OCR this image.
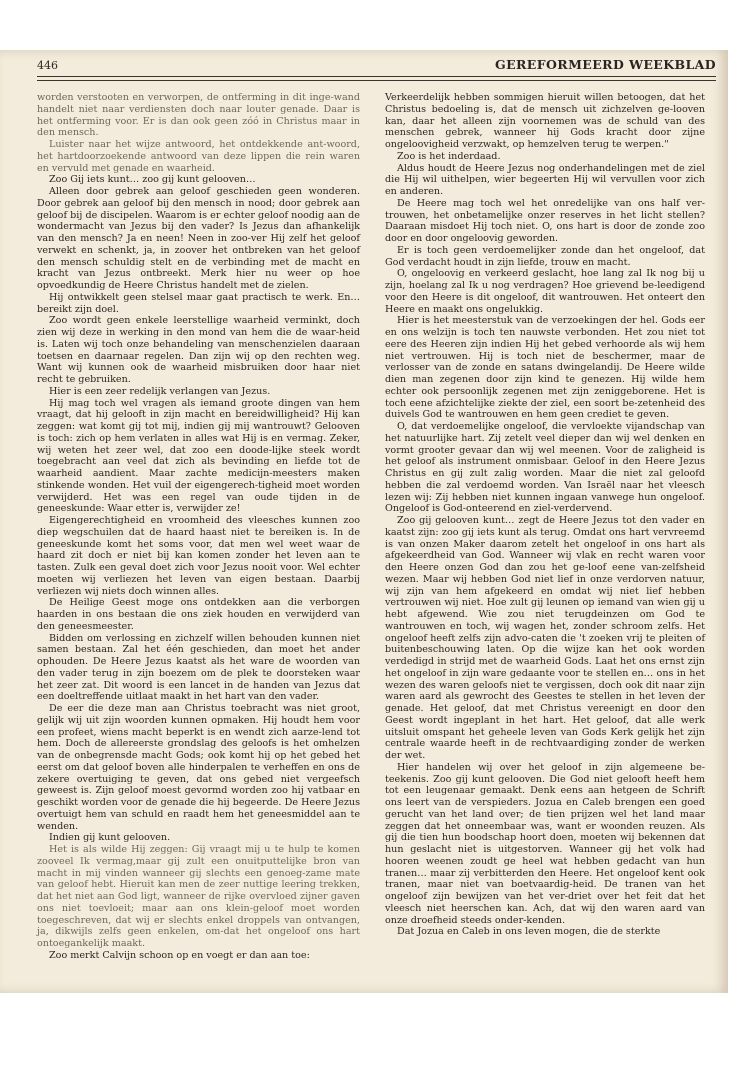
446	GEREFORMEERD WEEKBLAD

worden verstooten en verworpen, de ontferming in dit inge-wand handelt niet naar verdiensten doch naar louter genade. Daar is het ontferming voor. Er is dan ook geen zóó in Christus maar in den mensch.

Luister naar het wijze antwoord, het ontdekkende ant-woord, het hartdoorzoekende antwoord van deze lippen die rein waren en vervuld met genade en waarheid.

Zoo Gij iets kunt… zoo gij kunt gelooven…

Alleen door gebrek aan geloof geschieden geen wonderen. Door gebrek aan geloof bij den mensch in nood; door gebrek aan geloof bij de discipelen. Waarom is er echter geloof noodig aan de wondermacht van Jezus bij den vader? Is Jezus dan afhankelijk van den mensch? Ja en neen! Neen in zoo-ver Hij zelf het geloof verwekt en schenkt, ja, in zoover het ontbreken van het geloof den mensch schuldig stelt en de verbinding met de macht en kracht van Jezus ontbreekt. Merk hier nu weer op hoe opvoedkundig de Heere Christus handelt met de zielen.

Hij ontwikkelt geen stelsel maar gaat practisch te werk. En… bereikt zijn doel.

Zoo wordt geen enkele leerstellige waarheid verminkt, doch zien wij deze in werking in den mond van hem die de waar-heid is. Laten wij toch onze behandeling van menschenzielen daaraan toetsen en daarnaar regelen. Dan zijn wij op den rechten weg. Want wij kunnen ook de waarheid misbruiken door haar niet recht te gebruiken.

Hier is een zeer redelijk verlangen van Jezus.

Hij mag toch wel vragen als iemand groote dingen van hem vraagt, dat hij gelooft in zijn macht en bereidwilligheid? Hij kan zeggen: wat komt gij tot mij, indien gij mij wantrouwt? Gelooven is toch: zich op hem verlaten in alles wat Hij is en vermag. Zeker, wij weten het zeer wel, dat zoo een doode-lijke steek wordt toegebracht aan veel dat zich als bevinding en liefde tot de waarheid aandient. Maar zachte medicijn-meesters maken stinkende wonden. Het vuil der eigengerech-tigheid moet worden verwijderd. Het was een regel van oude tijden in de geneeskunde: Waar etter is, verwijder ze!

Eigengerechtigheid en vroomheid des vleesches kunnen zoo diep wegschuilen dat de haard haast niet te bereiken is. In de geneeskunde komt het soms voor, dat men wel weet waar de haard zit doch er niet bij kan komen zonder het leven aan te tasten. Zulk een geval doet zich voor Jezus nooit voor. Wel echter moeten wij verliezen het leven van eigen bestaan. Daarbij verliezen wij niets doch winnen alles.

De Heilige Geest moge ons ontdekken aan die verborgen haarden in ons bestaan die ons ziek houden en verwijderd van den geneesmeester.

Bidden om verlossing en zichzelf willen behouden kunnen niet samen bestaan. Zal het één geschieden, dan moet het ander ophouden. De Heere Jezus kaatst als het ware de woorden van den vader terug in zijn boezem om de plek te doorsteken waar het zeer zat. Dit woord is een lancet in de handen van Jezus dat een doeltreffende uitlaat maakt in het hart van den vader.

De eer die deze man aan Christus toebracht was niet groot, gelijk wij uit zijn woorden kunnen opmaken. Hij houdt hem voor een profeet, wiens macht beperkt is en wendt zich aarze-lend tot hem. Doch de allereerste grondslag des geloofs is het omhelzen van de onbegrensde macht Gods; ook komt hij op het gebed het eerst om dat geloof boven alle hinderpalen te verheffen en ons de zekere overtuiging te geven, dat ons gebed niet vergeefsch geweest is. Zijn geloof moest gevormd worden zoo hij vatbaar en geschikt worden voor de genade die hij begeerde. De Heere Jezus overtuigt hem van schuld en raadt hem het geneesmiddel aan te wenden.

Indien gij kunt gelooven.

Het is als wilde Hij zeggen: Gij vraagt mij u te hulp te komen zooveel Ik vermag,maar gij zult een onuitputtelijke bron van macht in mij vinden wanneer gij slechts een genoeg-zame mate van geloof hebt. Hieruit kan men de zeer nuttige leering trekken, dat het niet aan God ligt, wanneer de rijke overvloed zijner gaven ons niet toevloeit; maar aan ons klein-geloof moet worden toegeschreven, dat wij er slechts enkel droppels van ontvangen, ja, dikwijls zelfs geen enkelen, om-dat het ongeloof ons hart ontoegankelijk maakt.

Zoo merkt Calvijn schoon op en voegt er dan aan toe:

Verkeerdelijk hebben sommigen hieruit willen betoogen, dat het Christus bedoeling is, dat de mensch uit zichzelven ge-looven kan, daar het alleen zijn voornemen was de schuld van des menschen gebrek, wanneer hij Gods kracht door zijne ongeloovigheid verzwakt, op hemzelven terug te werpen."

Zoo is het inderdaad.

Aldus houdt de Heere Jezus nog onderhandelingen met de ziel die Hij wil uithelpen, wier begeerten Hij wil vervullen voor zich en anderen.

De Heere mag toch wel het onredelijke van ons half ver-trouwen, het onbetamelijke onzer reserves in het licht stellen? Daaraan misdoet Hij toch niet. O, ons hart is door de zonde zoo door en door ongeloovig geworden.

Er is toch geen verdoemelijker zonde dan het ongeloof, dat God verdacht houdt in zijn liefde, trouw en macht.

O, ongeloovig en verkeerd geslacht, hoe lang zal Ik nog bij u zijn, hoelang zal Ik u nog verdragen? Hoe grievend be-leedigend voor den Heere is dit ongeloof, dit wantrouwen. Het onteert den Heere en maakt ons ongelukkig.

Hier is het meesterstuk van de verzoekingen der hel. Gods eer en ons welzijn is toch ten nauwste verbonden. Het zou niet tot eere des Heeren zijn indien Hij het gebed verhoorde als wij hem niet vertrouwen. Hij is toch niet de beschermer, maar de verlosser van de zonde en satans dwingelandij. De Heere wilde dien man zegenen door zijn kind te genezen. Hij wilde hem echter ook persoonlijk zegenen met zijn zeniggeborene. Het is toch eene afzichtelijke ziekte der ziel, een soort be-zetenheid des duivels God te wantrouwen en hem geen crediet te geven.

O, dat verdoemelijke ongeloof, die vervloekte vijandschap van het natuurlijke hart. Zij zetelt veel dieper dan wij wel denken en vormt grooter gevaar dan wij wel meenen. Voor de zaligheid is het geloof als instrument onmisbaar. Geloof in den Heere Jezus Christus en gij zult zalig worden. Maar die niet zal geloofd hebben die zal verdoemd worden. Van Israël naar het vleesch lezen wij: Zij hebben niet kunnen ingaan vanwege hun ongeloof. Ongeloof is God-onteerend en ziel-verdervend.

Zoo gij gelooven kunt… zegt de Heere Jezus tot den vader en kaatst zijn: zoo gij iets kunt als terug. Omdat ons hart vervreemd is van onzen Maker daarom zetelt het ongeloof in ons hart als afgekeerdheid van God. Wanneer wij vlak en recht waren voor den Heere onzen God dan zou het ge-loof eene van-zelfsheid wezen. Maar wij hebben God niet lief in onze verdorven natuur, wij zijn van hem afgekeerd en omdat wij niet lief hebben vertrouwen wij niet. Hoe zult gij leunen op iemand van wien gij u hebt afgewend. Wie zou niet terugdeinzen om God te wantrouwen en toch, wij wagen het, zonder schroom zelfs. Het ongeloof heeft zelfs zijn advo-caten die 't zoeken vrij te pleiten of buitenbeschouwing laten. Op die wijze kan het ook worden verdedigd in strijd met de waarheid Gods. Laat het ons ernst zijn het ongeloof in zijn ware gedaante voor te stellen en… ons in het wezen des waren geloofs niet te vergissen, doch ook dit naar zijn waren aard als gewrocht des Geestes te stellen in het leven der genade. Het geloof, dat met Christus vereenigt en door den Geest wordt ingeplant in het hart. Het geloof, dat alle werk uitsluit omspant het geheele leven van Gods Kerk gelijk het zijn centrale waarde heeft in de rechtvaardiging zonder de werken der wet.

Hier handelen wij over het geloof in zijn algemeene be-teekenis. Zoo gij kunt gelooven. Die God niet gelooft heeft hem tot een leugenaar gemaakt. Denk eens aan hetgeen de Schrift ons leert van de verspieders. Jozua en Caleb brengen een goed gerucht van het land over; de tien prijzen wel het land maar zeggen dat het onneembaar was, want er woonden reuzen. Als gij die tien hun boodschap hoort doen, moeten wij bekennen dat hun geslacht niet is uitgestorven. Wanneer gij het volk had hooren weenen zoudt ge heel wat hebben gedacht van hun tranen… maar zij verbitterden den Heere. Het ongeloof kent ook tranen, maar niet van boetvaardig-heid. De tranen van het ongeloof zijn bewijzen van het ver-driet over het feit dat het vleesch niet heerschen kan. Ach, dat wij den waren aard van onze droefheid steeds onder-kenden.

Dat Jozua en Caleb in ons leven mogen, die de sterkte
